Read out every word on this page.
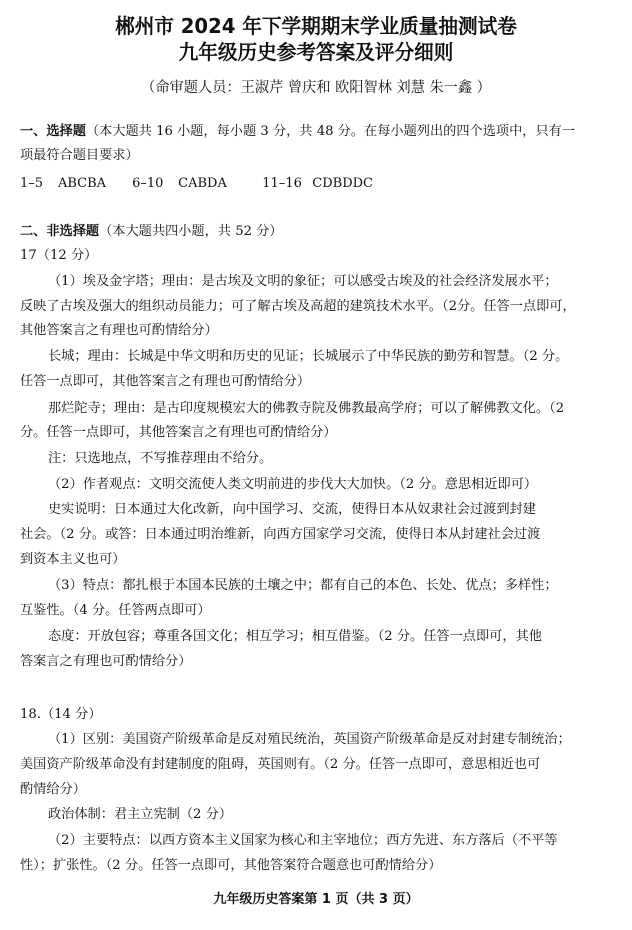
郴州市 2024 年下学期期末学业质量抽测试卷
九年级历史参考答案及评分细则
（命审题人员：王淑芹 曾庆和 欧阳智林 刘慧 朱一鑫 ）
一、选择题（本大题共 16 小题，每小题 3 分，共 48 分。在每小题列出的四个选项中，只有一
项最符合题目要求）
1–5 ABCBA 6–10 CABDA	11–16 CDBDDC
二、非选择题（本大题共四小题，共 52 分）
17（12 分）
（1）埃及金字塔；理由：是古埃及文明的象征；可以感受古埃及的社会经济发展水平；
反映了古埃及强大的组织动员能力；可了解古埃及高超的建筑技术水平。（2分。任答一点即可，
其他答案言之有理也可酌情给分）
长城；理由：长城是中华文明和历史的见证；长城展示了中华民族的勤劳和智慧。（2 分。
任答一点即可，其他答案言之有理也可酌情给分）
那烂陀寺；理由：是古印度规模宏大的佛教寺院及佛教最高学府；可以了解佛教文化。（2
分。任答一点即可，其他答案言之有理也可酌情给分）
注：只选地点，不写推荐理由不给分。
（2）作者观点：文明交流使人类文明前进的步伐大大加快。（2 分。意思相近即可）
史实说明：日本通过大化改新，向中国学习、交流，使得日本从奴隶社会过渡到封建
社会。（2 分。或答：日本通过明治维新，向西方国家学习交流，使得日本从封建社会过渡
到资本主义也可）
（3）特点：都扎根于本国本民族的土壤之中；都有自己的本色、长处、优点；多样性；
互鉴性。（4 分。任答两点即可）
态度：开放包容；尊重各国文化；相互学习；相互借鉴。（2 分。任答一点即可，其他
答案言之有理也可酌情给分）
18.（14 分）
（1）区别：美国资产阶级革命是反对殖民统治，英国资产阶级革命是反对封建专制统治；
美国资产阶级革命没有封建制度的阻碍，英国则有。（2 分。任答一点即可，意思相近也可
酌情给分）
政治体制：君主立宪制（2 分）
（2）主要特点：以西方资本主义国家为核心和主宰地位；西方先进、东方落后（不平等
性）；扩张性。（2 分。任答一点即可，其他答案符合题意也可酌情给分）
九年级历史答案第 1 页（共 3 页）
